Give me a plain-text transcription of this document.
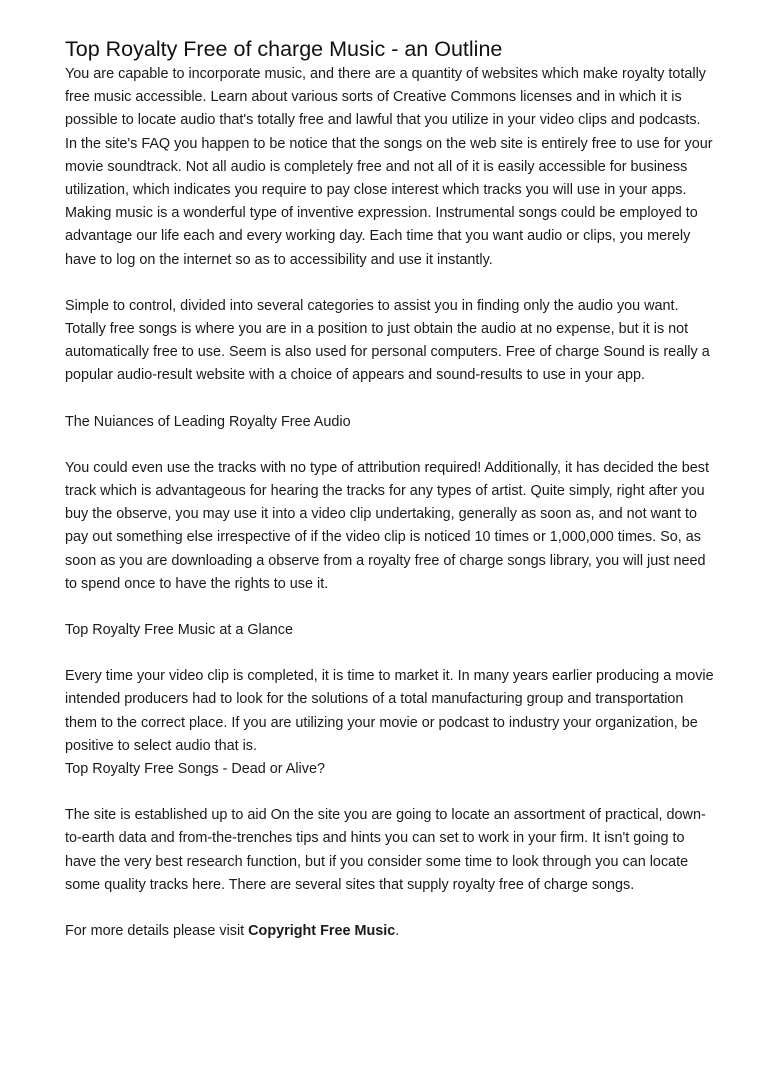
Top Royalty Free of charge Music - an Outline

You are capable to incorporate music, and there are a quantity of websites which make royalty totally free music accessible. Learn about various sorts of Creative Commons licenses and in which it is possible to locate audio that's totally free and lawful that you utilize in your video clips and podcasts. In the site's FAQ you happen to be notice that the songs on the web site is entirely free to use for your movie soundtrack. Not all audio is completely free and not all of it is easily accessible for business utilization, which indicates you require to pay close interest which tracks you will use in your apps. Making music is a wonderful type of inventive expression. Instrumental songs could be employed to advantage our life each and every working day. Each time that you want audio or clips, you merely have to log on the internet so as to accessibility and use it instantly.

Simple to control, divided into several categories to assist you in finding only the audio you want. Totally free songs is where you are in a position to just obtain the audio at no expense, but it is not automatically free to use. Seem is also used for personal computers. Free of charge Sound is really a popular audio-result website with a choice of appears and sound-results to use in your app.

The Nuiances of Leading Royalty Free Audio

You could even use the tracks with no type of attribution required! Additionally, it has decided the best track which is advantageous for hearing the tracks for any types of artist. Quite simply, right after you buy the observe, you may use it into a video clip undertaking, generally as soon as, and not want to pay out something else irrespective of if the video clip is noticed 10 times or 1,000,000 times. So, as soon as you are downloading a observe from a royalty free of charge songs library, you will just need to spend once to have the rights to use it.

Top Royalty Free Music at a Glance

Every time your video clip is completed, it is time to market it. In many years earlier producing a movie intended producers had to look for the solutions of a total manufacturing group and transportation them to the correct place. If you are utilizing your movie or podcast to industry your organization, be positive to select audio that is.

Top Royalty Free Songs - Dead or Alive?

The site is established up to aid On the site you are going to locate an assortment of practical, down-to-earth data and from-the-trenches tips and hints you can set to work in your firm. It isn't going to have the very best research function, but if you consider some time to look through you can locate some quality tracks here. There are several sites that supply royalty free of charge songs.

For more details please visit Copyright Free Music.
